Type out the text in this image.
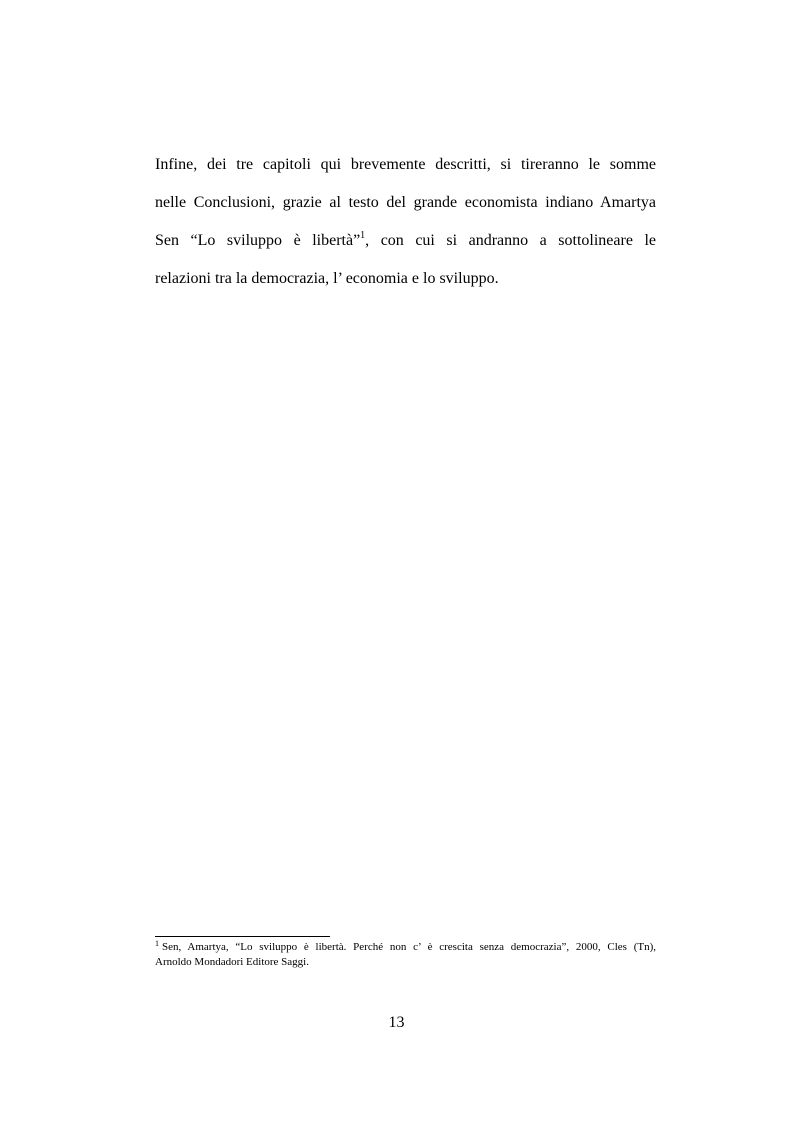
Infine, dei tre capitoli qui brevemente descritti, si tireranno le somme
nelle Conclusioni, grazie al testo del grande economista indiano Amartya
Sen “Lo sviluppo è libertà”$^1$, con cui si andranno a sottolineare le
relazioni tra la democrazia, l’ economia e lo sviluppo.
$^1$ Sen, Amartya, “Lo sviluppo è libertà. Perché non c’ è crescita senza democrazia”, 2000, Cles (Tn),
Arnoldo Mondadori Editore Saggi.
13
